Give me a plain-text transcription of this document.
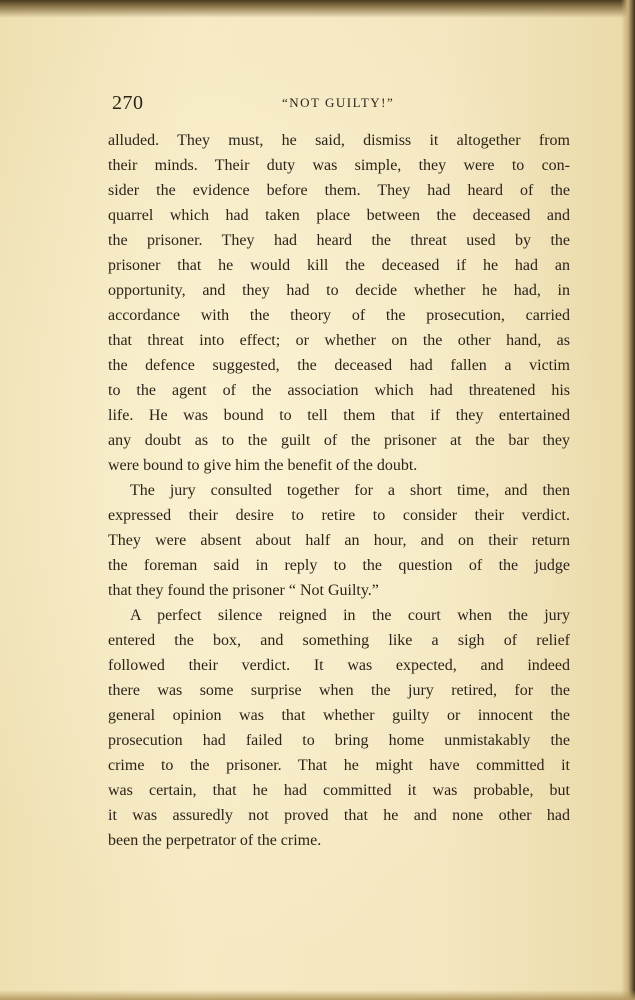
270	“NOT GUILTY!”
alluded. They must, he said, dismiss it altogether from
their minds. Their duty was simple, they were to con-
sider the evidence before them. They had heard of the
quarrel which had taken place between the deceased and
the prisoner. They had heard the threat used by the
prisoner that he would kill the deceased if he had an
opportunity, and they had to decide whether he had, in
accordance with the theory of the prosecution, carried
that threat into effect; or whether on the other hand, as
the defence suggested, the deceased had fallen a victim
to the agent of the association which had threatened his
life. He was bound to tell them that if they entertained
any doubt as to the guilt of the prisoner at the bar they
were bound to give him the benefit of the doubt.
The jury consulted together for a short time, and then
expressed their desire to retire to consider their verdict.
They were absent about half an hour, and on their return
the foreman said in reply to the question of the judge
that they found the prisoner “ Not Guilty.”
A perfect silence reigned in the court when the jury
entered the box, and something like a sigh of relief
followed their verdict. It was expected, and indeed
there was some surprise when the jury retired, for the
general opinion was that whether guilty or innocent the
prosecution had failed to bring home unmistakably the
crime to the prisoner. That he might have committed it
was certain, that he had committed it was probable, but
it was assuredly not proved that he and none other had
been the perpetrator of the crime.
